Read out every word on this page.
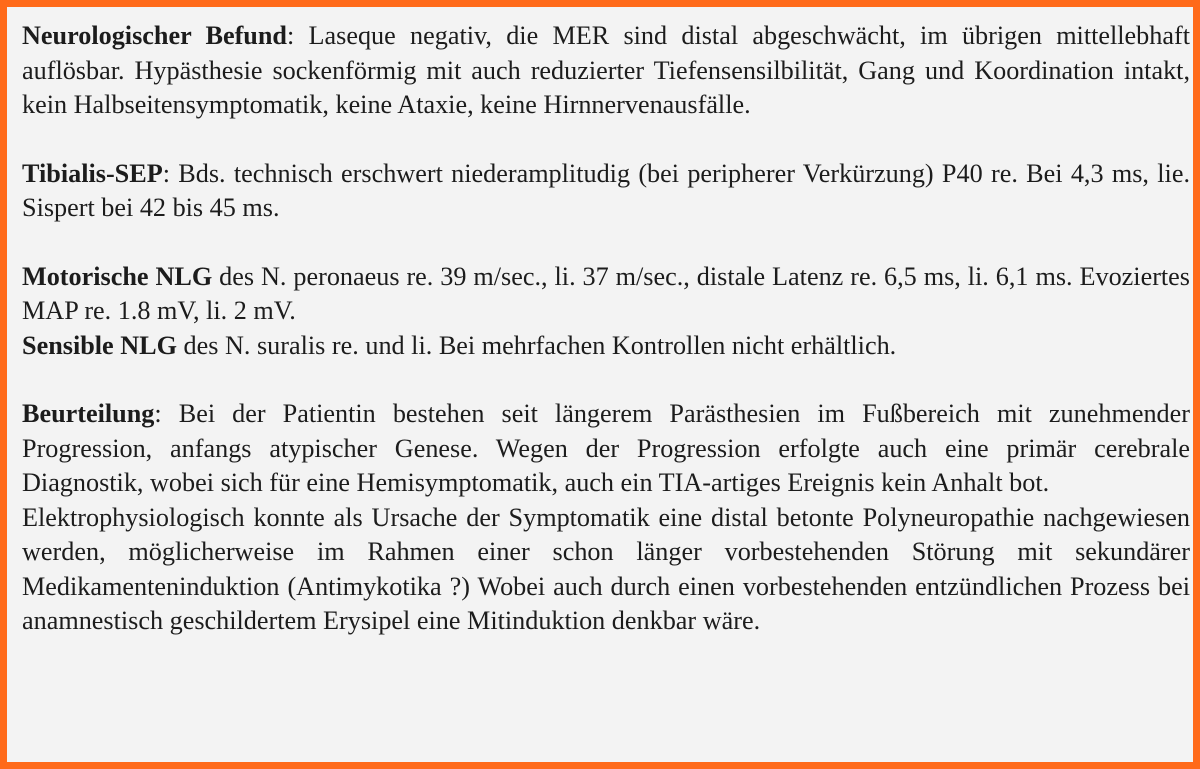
Neurologischer Befund: Laseque negativ, die MER sind distal abgeschwächt, im übrigen mittellebhaft auflösbar. Hypästhesie sockenförmig mit auch reduzierter Tiefensensilbilität, Gang und Koordination intakt, kein Halbseitensymptomatik, keine Ataxie, keine Hirnnervenausfälle.

Tibialis-SEP: Bds. technisch erschwert niederamplitudig (bei peripherer Verkürzung) P40 re. Bei 4,3 ms, lie. Sispert bei 42 bis 45 ms.

Motorische NLG des N. peronaeus re. 39 m/sec., li. 37 m/sec., distale Latenz re. 6,5 ms, li. 6,1 ms. Evoziertes MAP re. 1.8 mV, li. 2 mV.

Sensible NLG des N. suralis re. und li. Bei mehrfachen Kontrollen nicht erhältlich.

Beurteilung: Bei der Patientin bestehen seit längerem Parästhesien im Fußbereich mit zunehmender Progression, anfangs atypischer Genese. Wegen der Progression erfolgte auch eine primär cerebrale Diagnostik, wobei sich für eine Hemisymptomatik, auch ein TIA-artiges Ereignis kein Anhalt bot.

Elektrophysiologisch konnte als Ursache der Symptomatik eine distal betonte Polyneuropathie nachgewiesen werden, möglicherweise im Rahmen einer schon länger vorbestehenden Störung mit sekundärer Medikamenteninduktion (Antimykotika ?) Wobei auch durch einen vorbestehenden entzündlichen Prozess bei anamnestisch geschildertem Erysipel eine Mitinduktion denkbar wäre.
